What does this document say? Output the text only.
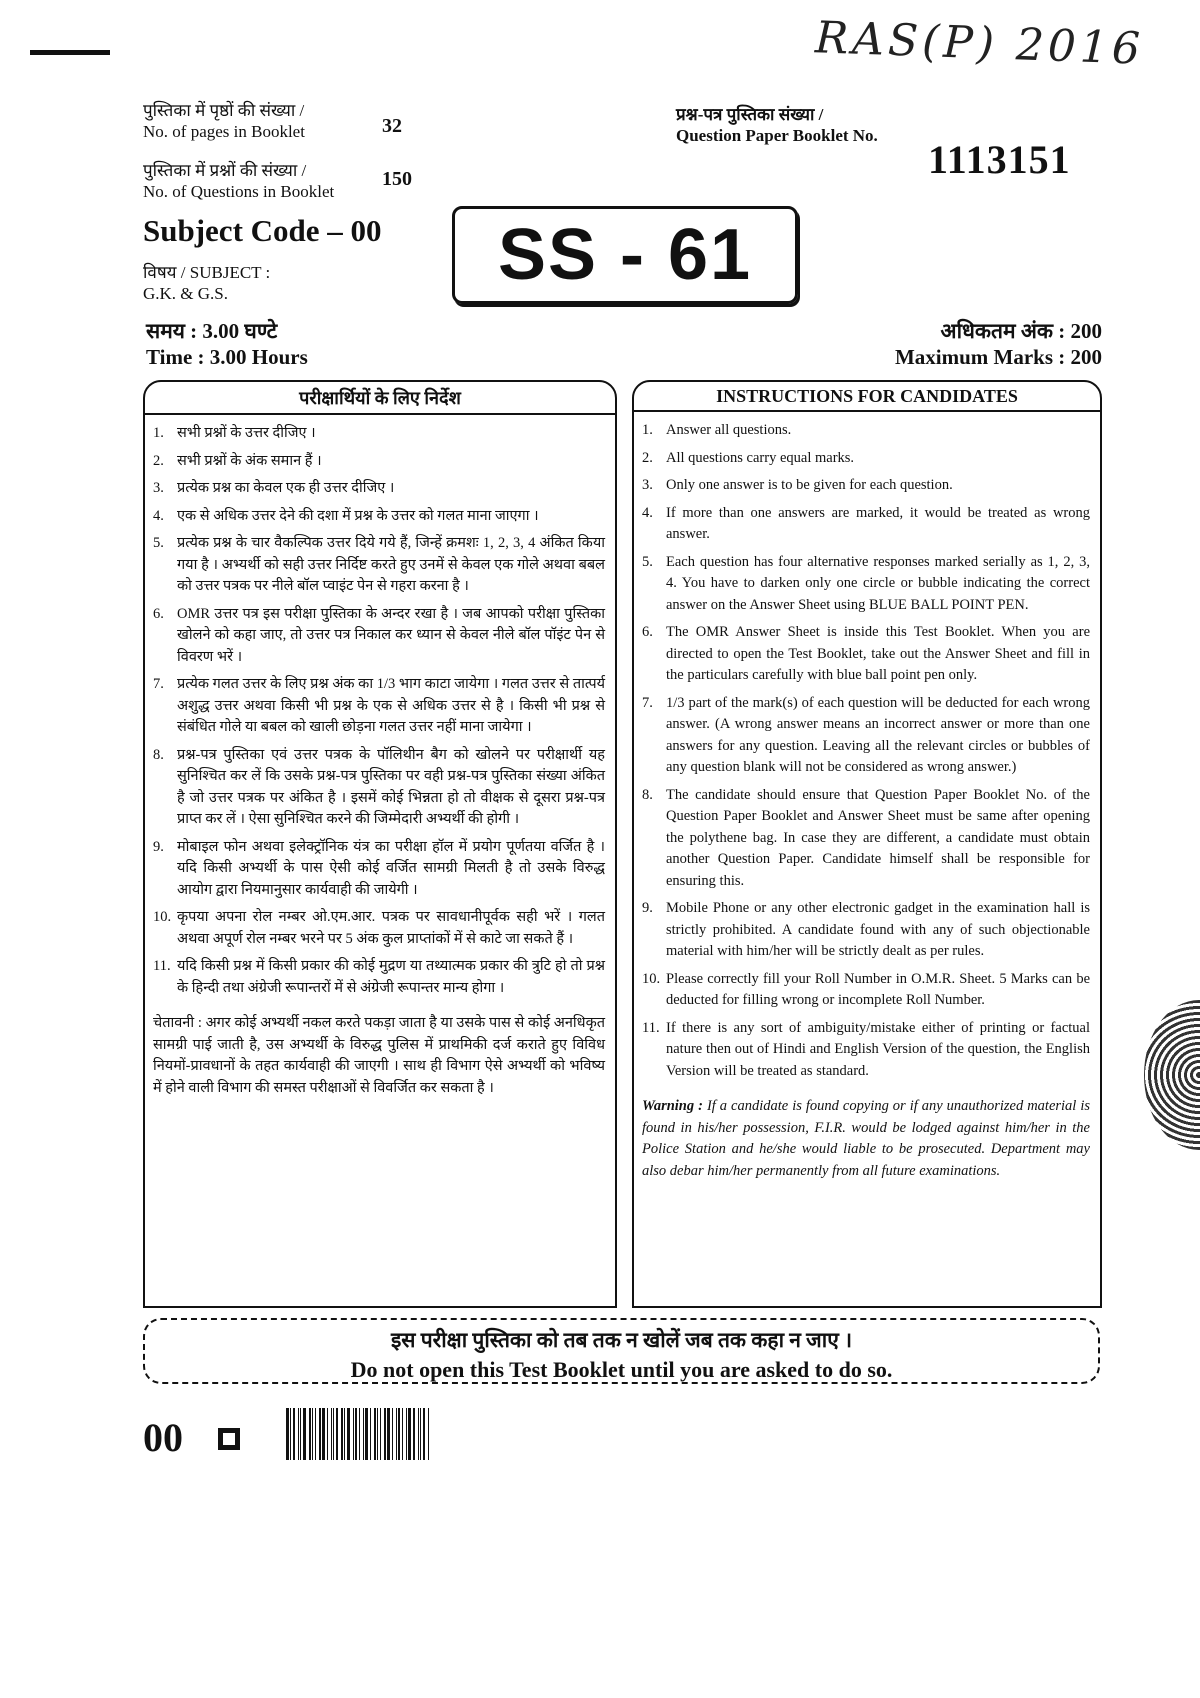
RAS(P) 2016
पुस्तिका में पृष्ठों की संख्या /
No. of pages in Booklet	32
पुस्तिका में प्रश्नों की संख्या /
No. of Questions in Booklet
150
प्रश्न-पत्र पुस्तिका संख्या /
Question Paper Booklet No.
1113151
Subject Code – 00	SS - 61
विषय / SUBJECT :
G.K. & G.S.
समय : 3.00 घण्टे
Time : 3.00 Hours
अधिकतम अंक : 200
Maximum Marks : 200
परीक्षार्थियों के लिए निर्देश
1. सभी प्रश्नों के उत्तर दीजिए ।
2. सभी प्रश्नों के अंक समान हैं ।
3. प्रत्येक प्रश्न का केवल एक ही उत्तर दीजिए ।
4. एक से अधिक उत्तर देने की दशा में प्रश्न के उत्तर को गलत माना जाएगा ।
5. प्रत्येक प्रश्न के चार वैकल्पिक उत्तर दिये गये हैं, जिन्हें क्रमशः 1, 2, 3, 4 अंकित किया गया है । अभ्यर्थी को सही उत्तर निर्दिष्ट करते हुए उनमें से केवल एक गोले अथवा बबल को उत्तर पत्रक पर नीले बॉल प्वाइंट पेन से गहरा करना है ।
6. OMR उत्तर पत्र इस परीक्षा पुस्तिका के अन्दर रखा है । जब आपको परीक्षा पुस्तिका खोलने को कहा जाए, तो उत्तर पत्र निकाल कर ध्यान से केवल नीले बॉल पॉइंट पेन से विवरण भरें ।
7. प्रत्येक गलत उत्तर के लिए प्रश्न अंक का 1/3 भाग काटा जायेगा । गलत उत्तर से तात्पर्य अशुद्ध उत्तर अथवा किसी भी प्रश्न के एक से अधिक उत्तर से है । किसी भी प्रश्न से संबंधित गोले या बबल को खाली छोड़ना गलत उत्तर नहीं माना जायेगा ।
8. प्रश्न-पत्र पुस्तिका एवं उत्तर पत्रक के पॉलिथीन बैग को खोलने पर परीक्षार्थी यह सुनिश्चित कर लें कि उसके प्रश्न-पत्र पुस्तिका पर वही प्रश्न-पत्र पुस्तिका संख्या अंकित है जो उत्तर पत्रक पर अंकित है । इसमें कोई भिन्नता हो तो वीक्षक से दूसरा प्रश्न-पत्र प्राप्त कर लें । ऐसा सुनिश्चित करने की जिम्मेदारी अभ्यर्थी की होगी ।
9. मोबाइल फोन अथवा इलेक्ट्रॉनिक यंत्र का परीक्षा हॉल में प्रयोग पूर्णतया वर्जित है । यदि किसी अभ्यर्थी के पास ऐसी कोई वर्जित सामग्री मिलती है तो उसके विरुद्ध आयोग द्वारा नियमानुसार कार्यवाही की जायेगी ।
10. कृपया अपना रोल नम्बर ओ.एम.आर. पत्रक पर सावधानीपूर्वक सही भरें । गलत अथवा अपूर्ण रोल नम्बर भरने पर 5 अंक कुल प्राप्तांकों में से काटे जा सकते हैं ।
11. यदि किसी प्रश्न में किसी प्रकार की कोई मुद्रण या तथ्यात्मक प्रकार की त्रुटि हो तो प्रश्न के हिन्दी तथा अंग्रेजी रूपान्तरों में से अंग्रेजी रूपान्तर मान्य होगा ।
चेतावनी : अगर कोई अभ्यर्थी नकल करते पकड़ा जाता है या उसके पास से कोई अनधिकृत सामग्री पाई जाती है, उस अभ्यर्थी के विरुद्ध पुलिस में प्राथमिकी दर्ज कराते हुए विविध नियमों-प्रावधानों के तहत कार्यवाही की जाएगी । साथ ही विभाग ऐसे अभ्यर्थी को भविष्य में होने वाली विभाग की समस्त परीक्षाओं से विवर्जित कर सकता है ।
INSTRUCTIONS FOR CANDIDATES
1. Answer all questions.
2. All questions carry equal marks.
3. Only one answer is to be given for each question.
4. If more than one answers are marked, it would be treated as wrong answer.
5. Each question has four alternative responses marked serially as 1, 2, 3, 4. You have to darken only one circle or bubble indicating the correct answer on the Answer Sheet using BLUE BALL POINT PEN.
6. The OMR Answer Sheet is inside this Test Booklet. When you are directed to open the Test Booklet, take out the Answer Sheet and fill in the particulars carefully with blue ball point pen only.
7. 1/3 part of the mark(s) of each question will be deducted for each wrong answer. (A wrong answer means an incorrect answer or more than one answers for any question. Leaving all the relevant circles or bubbles of any question blank will not be considered as wrong answer.)
8. The candidate should ensure that Question Paper Booklet No. of the Question Paper Booklet and Answer Sheet must be same after opening the polythene bag. In case they are different, a candidate must obtain another Question Paper. Candidate himself shall be responsible for ensuring this.
9. Mobile Phone or any other electronic gadget in the examination hall is strictly prohibited. A candidate found with any of such objectionable material with him/her will be strictly dealt as per rules.
10. Please correctly fill your Roll Number in O.M.R. Sheet. 5 Marks can be deducted for filling wrong or incomplete Roll Number.
11. If there is any sort of ambiguity/mistake either of printing or factual nature then out of Hindi and English Version of the question, the English Version will be treated as standard.
Warning : If a candidate is found copying or if any unauthorized material is found in his/her possession, F.I.R. would be lodged against him/her in the Police Station and he/she would liable to be prosecuted. Department may also debar him/her permanently from all future examinations.
इस परीक्षा पुस्तिका को तब तक न खोलें जब तक कहा न जाए ।
Do not open this Test Booklet until you are asked to do so.
00
